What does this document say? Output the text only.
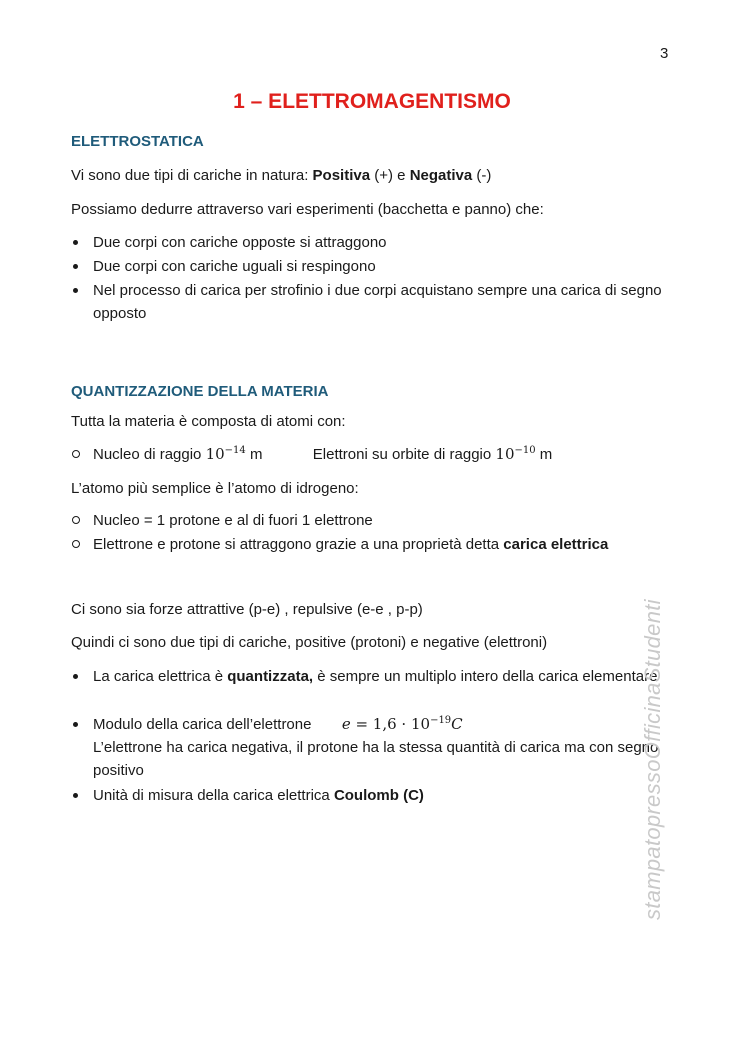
3
1 – ELETTROMAGENTISMO
ELETTROSTATICA
Vi sono due tipi di cariche in natura: Positiva (+) e Negativa (-)
Possiamo dedurre attraverso vari esperimenti (bacchetta e panno) che:
Due corpi con cariche opposte si attraggono
Due corpi con cariche uguali si respingono
Nel processo di carica per strofinio i due corpi acquistano sempre una carica di segno opposto
QUANTIZZAZIONE DELLA MATERIA
Tutta la materia è composta di atomi con:
Nucleo di raggio $10^{-14}$ m	Elettroni su orbite di raggio $10^{-10}$ m
L’atomo più semplice è l’atomo di idrogeno:
Nucleo = 1 protone e al di fuori 1 elettrone
Elettrone e protone si attraggono grazie a una proprietà detta carica elettrica
Ci sono sia forze attrattive (p-e) , repulsive (e-e , p-p)
Quindi ci sono due tipi di cariche, positive (protoni) e negative (elettroni)
La carica elettrica è quantizzata, è sempre un multiplo intero della carica elementare
Modulo della carica dell’elettrone $e = 1,6 \cdot 10^{-19}C$
L’elettrone ha carica negativa, il protone ha la stessa quantità di carica ma con segno positivo
Unità di misura della carica elettrica Coulomb (C)	stampatopressoOfficinaStudenti
